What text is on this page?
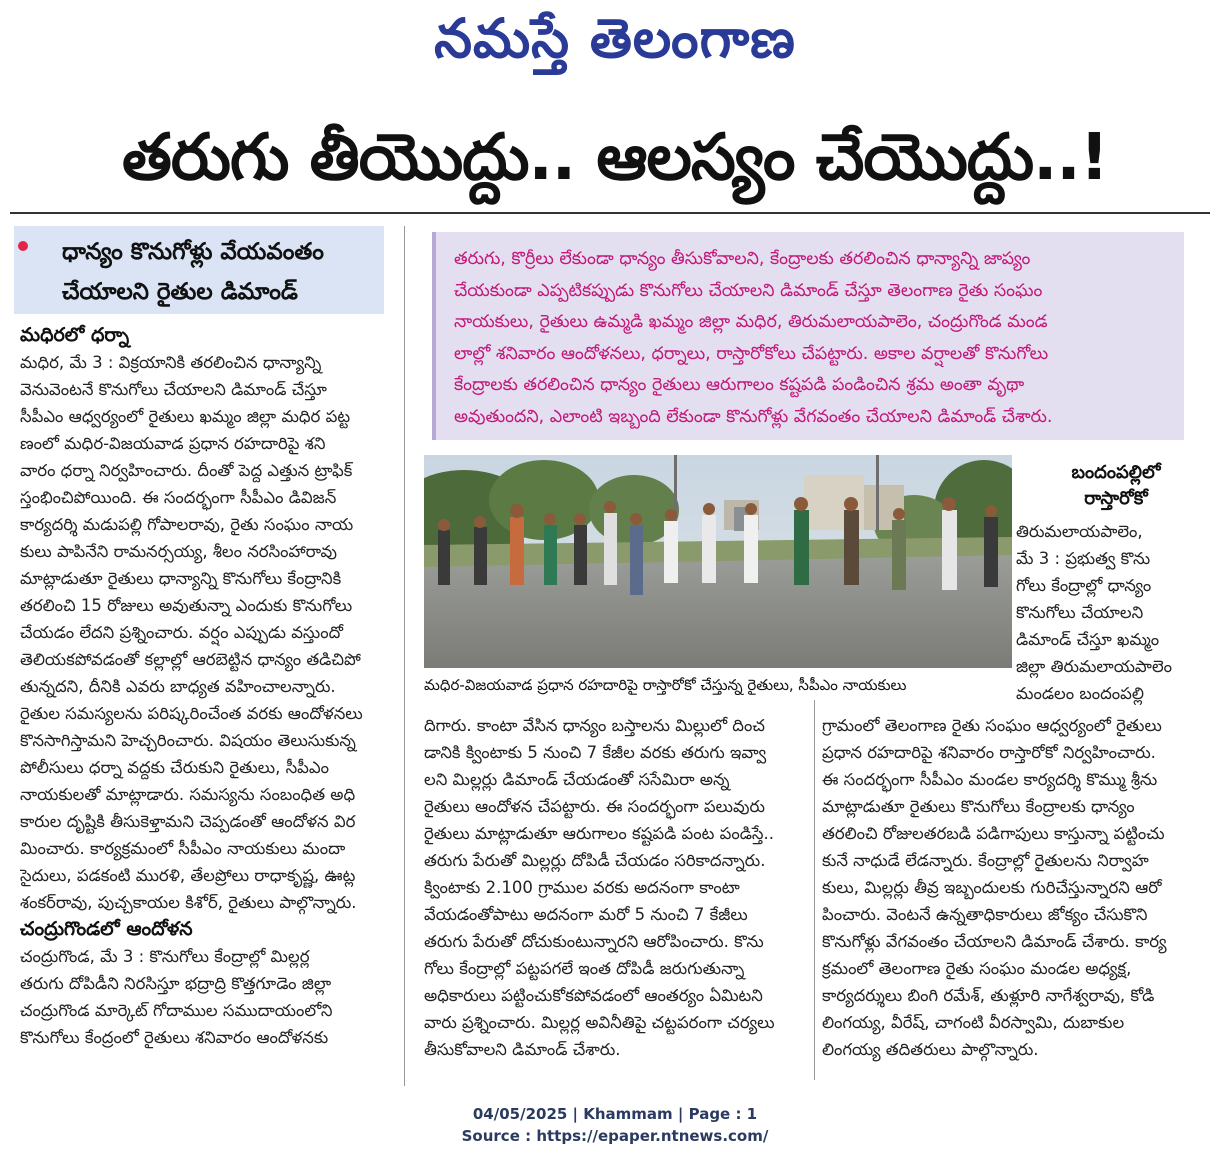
నమస్తే తెలంగాణ
తరుగు తీయొద్దు.. ఆలస్యం చేయొద్దు..!
ధాన్యం కొనుగోళ్లు వేయవంతం
చేయాలని రైతుల డిమాండ్
మధిరలో ధర్నా
మధిర, మే 3 : విక్రయానికి తరలించిన ధాన్యాన్ని
వెనువెంటనే కొనుగోలు చేయాలని డిమాండ్ చేస్తూ
సీపీఎం ఆధ్వర్యంలో రైతులు ఖమ్మం జిల్లా మధిర పట్ట
ణంలో మధిర-విజయవాడ ప్రధాన రహదారిపై శని
వారం ధర్నా నిర్వహించారు. దీంతో పెద్ద ఎత్తున ట్రాఫిక్
స్తంభించిపోయింది. ఈ సందర్భంగా సీపీఎం డివిజన్
కార్యదర్శి మడుపల్లి గోపాలరావు, రైతు సంఘం నాయ
కులు పాపినేని రామనర్సయ్య, శీలం నరసింహారావు
మాట్లాడుతూ రైతులు ధాన్యాన్ని కొనుగోలు కేంద్రానికి
తరలించి 15 రోజులు అవుతున్నా ఎందుకు కొనుగోలు
చేయడం లేదని ప్రశ్నించారు. వర్షం ఎప్పుడు వస్తుందో
తెలియకపోవడంతో కల్లాల్లో ఆరబెట్టిన ధాన్యం తడిచిపో
తున్నదని, దీనికి ఎవరు బాధ్యత వహించాలన్నారు.
రైతుల సమస్యలను పరిష్కరించేంత వరకు ఆందోళనలు
కొనసాగిస్తామని హెచ్చరించారు. విషయం తెలుసుకున్న
పోలీసులు ధర్నా వద్దకు చేరుకుని రైతులు, సీపీఎం
నాయకులతో మాట్లాడారు. సమస్యను సంబంధిత అధి
కారుల దృష్టికి తీసుకెళ్తామని చెప్పడంతో ఆందోళన విర
మించారు. కార్యక్రమంలో సీపీఎం నాయకులు మందా
సైదులు, పడకంటి మురళి, తేలప్రోలు రాధాకృష్ణ, ఊట్ల
శంకర్‌రావు, పుచ్చకాయల కిశోర్, రైతులు పాల్గొన్నారు.
చంద్రుగొండలో ఆందోళన
చంద్రుగొండ, మే 3 : కొనుగోలు కేంద్రాల్లో మిల్లర్ల
తరుగు దోపిడీని నిరసిస్తూ భద్రాద్రి కొత్తగూడెం జిల్లా
చంద్రుగొండ మార్కెట్ గోదాముల సముదాయంలోని
కొనుగోలు కేంద్రంలో రైతులు శనివారం ఆందోళనకు
తరుగు, కొర్రీలు లేకుండా ధాన్యం తీసుకోవాలని, కేంద్రాలకు తరలించిన ధాన్యాన్ని జాప్యం
చేయకుండా ఎప్పటికప్పుడు కొనుగోలు చేయాలని డిమాండ్ చేస్తూ తెలంగాణ రైతు సంఘం
నాయకులు, రైతులు ఉమ్మడి ఖమ్మం జిల్లా మధిర, తిరుమలాయపాలెం, చంద్రుగొండ మండ
లాల్లో శనివారం ఆందోళనలు, ధర్నాలు, రాస్తారోకోలు చేపట్టారు. అకాల వర్షాలతో కొనుగోలు
కేంద్రాలకు తరలించిన ధాన్యం రైతులు ఆరుగాలం కష్టపడి పండించిన శ్రమ అంతా వృథా
అవుతుందని, ఎలాంటి ఇబ్బంది లేకుండా కొనుగోళ్లు వేగవంతం చేయాలని డిమాండ్ చేశారు.
మధిర-విజయవాడ ప్రధాన రహదారిపై రాస్తారోకో చేస్తున్న రైతులు, సీపీఎం నాయకులు
బందంపల్లిలో
రాస్తారోకో
తిరుమలాయపాలెం,
మే 3 : ప్రభుత్వ కొను
గోలు కేంద్రాల్లో ధాన్యం
కొనుగోలు చేయాలని
డిమాండ్ చేస్తూ ఖమ్మం
జిల్లా తిరుమలాయపాలెం
మండలం బందంపల్లి
దిగారు. కాంటా వేసిన ధాన్యం బస్తాలను మిల్లులో దించ
డానికి క్వింటాకు 5 నుంచి 7 కేజీల వరకు తరుగు ఇవ్వా
లని మిల్లర్లు డిమాండ్ చేయడంతో ససేమిరా అన్న
రైతులు ఆందోళన చేపట్టారు. ఈ సందర్భంగా పలువురు
రైతులు మాట్లాడుతూ ఆరుగాలం కష్టపడి పంట పండిస్తే..
తరుగు పేరుతో మిల్లర్లు దోపిడీ చేయడం సరికాదన్నారు.
క్వింటాకు 2.100 గ్రాముల వరకు అదనంగా కాంటా
వేయడంతోపాటు అదనంగా మరో 5 నుంచి 7 కేజీలు
తరుగు పేరుతో దోచుకుంటున్నారని ఆరోపించారు. కొను
గోలు కేంద్రాల్లో పట్టపగలే ఇంత దోపిడీ జరుగుతున్నా
అధికారులు పట్టించుకోకపోవడంలో ఆంతర్యం ఏమిటని
వారు ప్రశ్నించారు. మిల్లర్ల అవినీతిపై చట్టపరంగా చర్యలు
తీసుకోవాలని డిమాండ్ చేశారు.
గ్రామంలో తెలంగాణ రైతు సంఘం ఆధ్వర్యంలో రైతులు
ప్రధాన రహదారిపై శనివారం రాస్తారోకో నిర్వహించారు.
ఈ సందర్భంగా సీపీఎం మండల కార్యదర్శి కొమ్ము శ్రీను
మాట్లాడుతూ రైతులు కొనుగోలు కేంద్రాలకు ధాన్యం
తరలించి రోజులతరబడి పడిగాపులు కాస్తున్నా పట్టించు
కునే నాధుడే లేడన్నారు. కేంద్రాల్లో రైతులను నిర్వాహ
కులు, మిల్లర్లు తీవ్ర ఇబ్బందులకు గురిచేస్తున్నారని ఆరో
పించారు. వెంటనే ఉన్నతాధికారులు జోక్యం చేసుకొని
కొనుగోళ్లు వేగవంతం చేయాలని డిమాండ్ చేశారు. కార్య
క్రమంలో తెలంగాణ రైతు సంఘం మండల అధ్యక్ష,
కార్యదర్శులు బింగి రమేశ్, తుళ్లూరి నాగేశ్వరావు, కోడి
లింగయ్య, వీరేష్, చాగంటి వీరస్వామి, దుబాకుల
లింగయ్య తదితరులు పాల్గొన్నారు.
04/05/2025 | Khammam | Page : 1
Source : https://epaper.ntnews.com/
